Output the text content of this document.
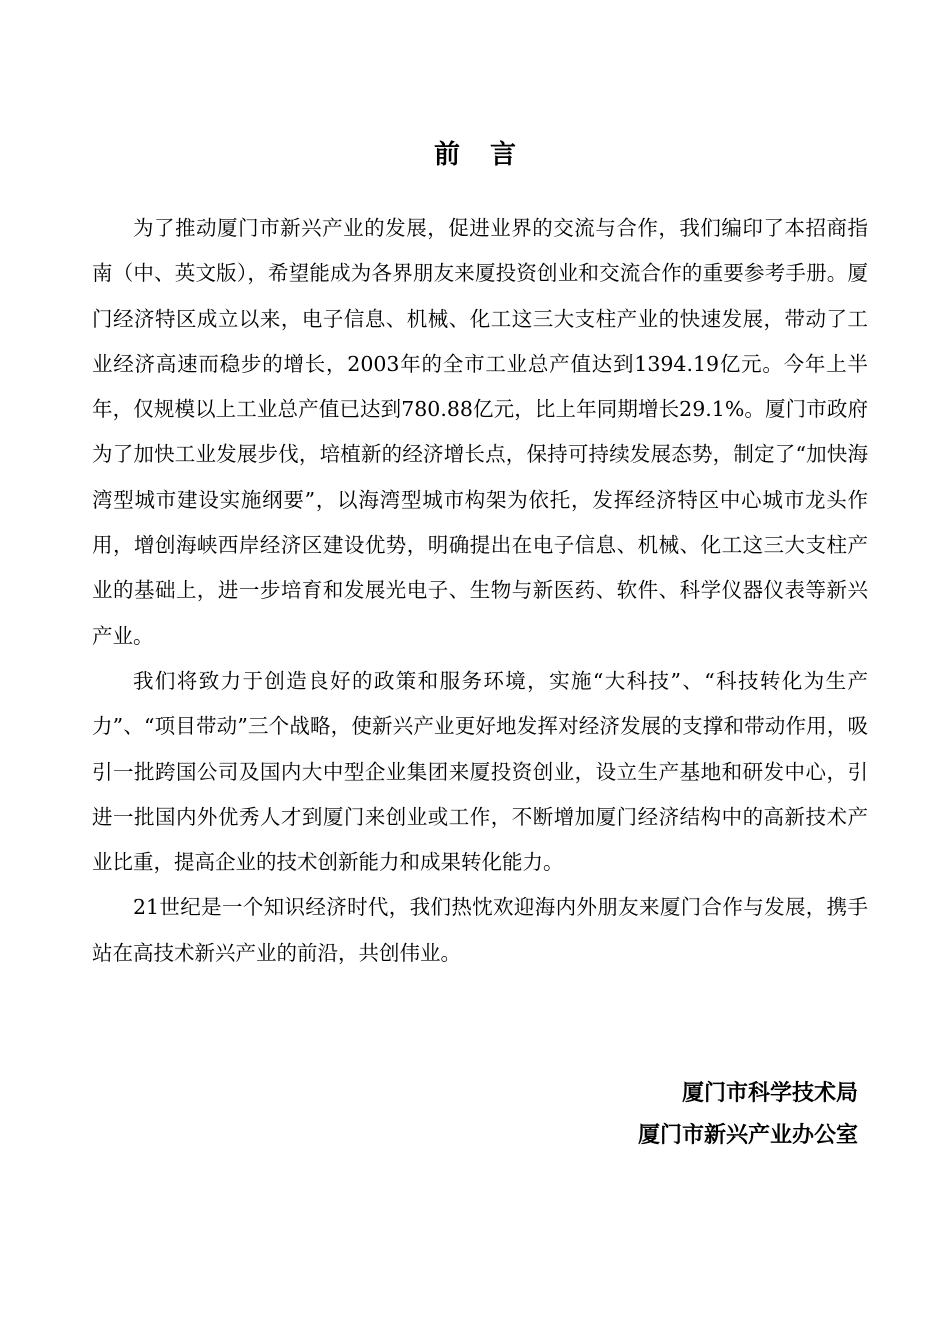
前言

为了推动厦门市新兴产业的发展，促进业界的交流与合作，我们编印了本招商指南（中、英文版），希望能成为各界朋友来厦投资创业和交流合作的重要参考手册。厦门经济特区成立以来，电子信息、机械、化工这三大支柱产业的快速发展，带动了工业经济高速而稳步的增长，2003年的全市工业总产值达到1394.19亿元。今年上半年，仅规模以上工业总产值已达到780.88亿元，比上年同期增长29.1%。厦门市政府为了加快工业发展步伐，培植新的经济增长点，保持可持续发展态势，制定了“加快海湾型城市建设实施纲要”，以海湾型城市构架为依托，发挥经济特区中心城市龙头作用，增创海峡西岸经济区建设优势，明确提出在电子信息、机械、化工这三大支柱产业的基础上，进一步培育和发展光电子、生物与新医药、软件、科学仪器仪表等新兴产业。

我们将致力于创造良好的政策和服务环境，实施“大科技”、“科技转化为生产力”、“项目带动”三个战略，使新兴产业更好地发挥对经济发展的支撑和带动作用，吸引一批跨国公司及国内大中型企业集团来厦投资创业，设立生产基地和研发中心，引进一批国内外优秀人才到厦门来创业或工作，不断增加厦门经济结构中的高新技术产业比重，提高企业的技术创新能力和成果转化能力。

21世纪是一个知识经济时代，我们热忱欢迎海内外朋友来厦门合作与发展，携手站在高技术新兴产业的前沿，共创伟业。

厦门市科学技术局
厦门市新兴产业办公室
